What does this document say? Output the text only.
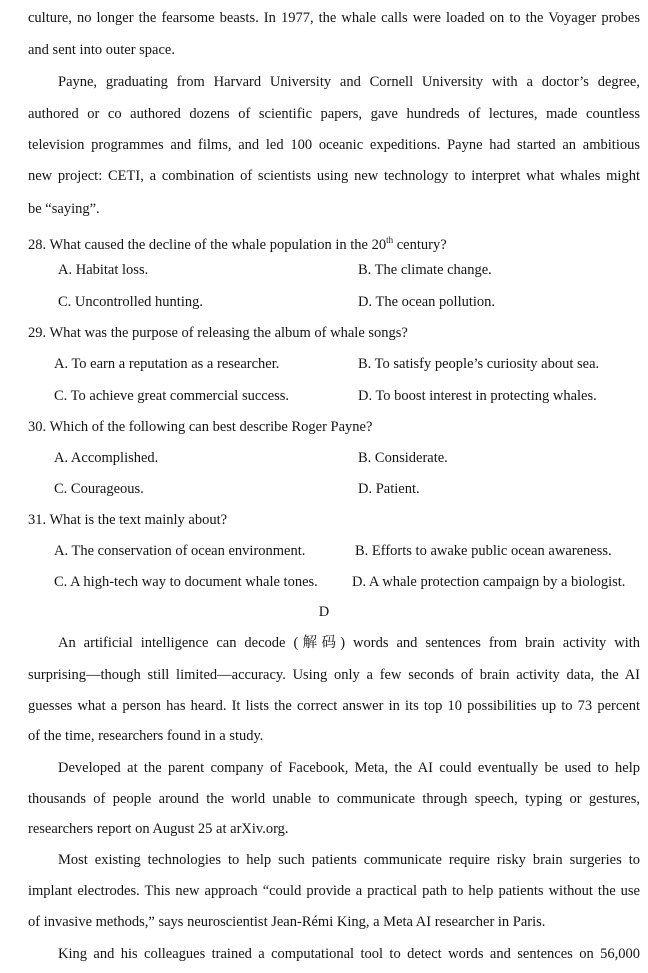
culture, no longer the fearsome beasts. In 1977, the whale calls were loaded on to the Voyager probes
and sent into outer space.
Payne, graduating from Harvard University and Cornell University with a doctor’s degree,
authored or co authored dozens of scientific papers, gave hundreds of lectures, made countless
television programmes and films, and led 100 oceanic expeditions. Payne had started an ambitious
new project: CETI, a combination of scientists using new technology to interpret what whales might
be “saying”.
28. What caused the decline of the whale population in the 20th century?
A. Habitat loss.	B. The climate change.
C. Uncontrolled hunting.	D. The ocean pollution.
29. What was the purpose of releasing the album of whale songs?
A. To earn a reputation as a researcher.	B. To satisfy people’s curiosity about sea.
C. To achieve great commercial success.	D. To boost interest in protecting whales.
30. Which of the following can best describe Roger Payne?
A. Accomplished.	B. Considerate.
C. Courageous.	D. Patient.
31. What is the text mainly about?
A. The conservation of ocean environment.	B. Efforts to awake public ocean awareness.
C. A high-tech way to document whale tones. D. A whale protection campaign by a biologist.
D
An artificial intelligence can decode (解码) words and sentences from brain activity with
surprising—though still limited—accuracy. Using only a few seconds of brain activity data, the AI
guesses what a person has heard. It lists the correct answer in its top 10 possibilities up to 73 percent
of the time, researchers found in a study.
Developed at the parent company of Facebook, Meta, the AI could eventually be used to help
thousands of people around the world unable to communicate through speech, typing or gestures,
researchers report on August 25 at arXiv.org.
Most existing technologies to help such patients communicate require risky brain surgeries to
implant electrodes. This new approach “could provide a practical path to help patients without the use
of invasive methods,” says neuroscientist Jean-Rémi King, a Meta AI researcher in Paris.
King and his colleagues trained a computational tool to detect words and sentences on 56,000
